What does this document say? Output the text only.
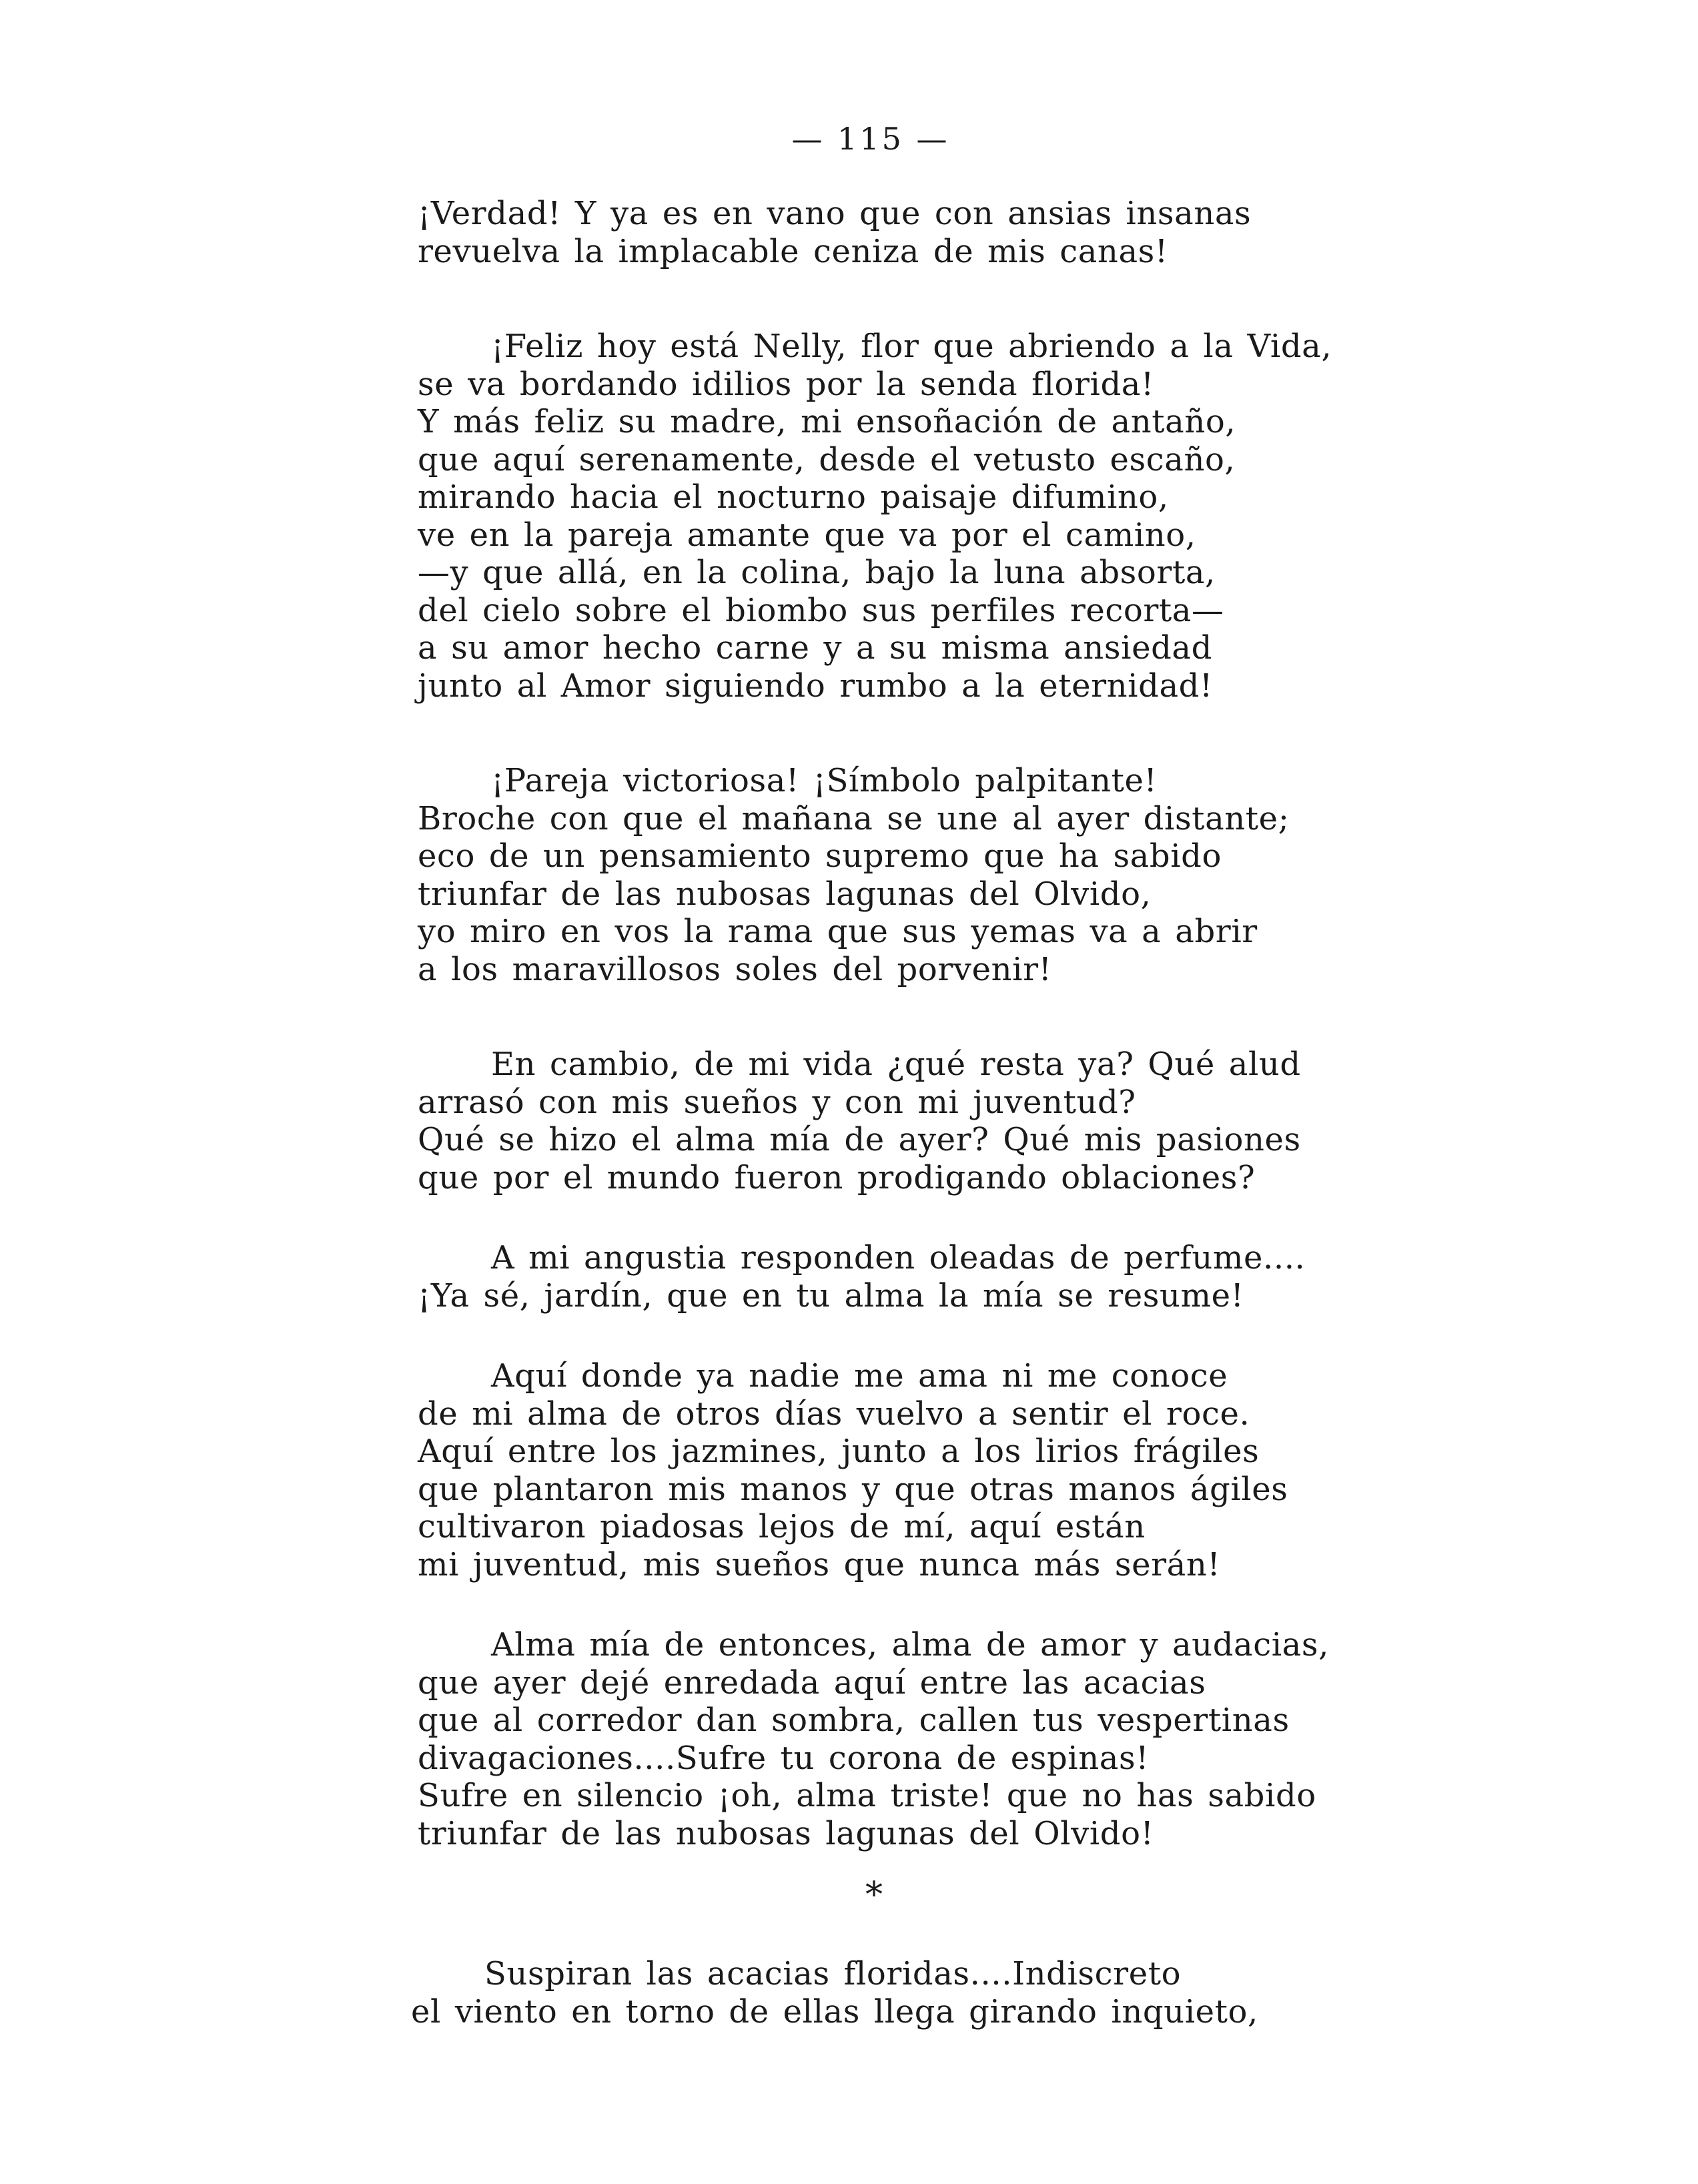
— 115 —
¡Verdad! Y ya es en vano que con ansias insanas
revuelva la implacable ceniza de mis canas!
¡Feliz hoy está Nelly, flor que abriendo a la Vida,
se va bordando idilios por la senda florida!
Y más feliz su madre, mi ensoñación de antaño,
que aquí serenamente, desde el vetusto escaño,
mirando hacia el nocturno paisaje difumino,
ve en la pareja amante que va por el camino,
—y que allá, en la colina, bajo la luna absorta,
del cielo sobre el biombo sus perfiles recorta—
a su amor hecho carne y a su misma ansiedad
junto al Amor siguiendo rumbo a la eternidad!
¡Pareja victoriosa! ¡Símbolo palpitante!
Broche con que el mañana se une al ayer distante;
eco de un pensamiento supremo que ha sabido
triunfar de las nubosas lagunas del Olvido,
yo miro en vos la rama que sus yemas va a abrir
a los maravillosos soles del porvenir!
En cambio, de mi vida ¿qué resta ya? Qué alud
arrasó con mis sueños y con mi juventud?
Qué se hizo el alma mía de ayer? Qué mis pasiones
que por el mundo fueron prodigando oblaciones?
A mi angustia responden oleadas de perfume....
¡Ya sé, jardín, que en tu alma la mía se resume!
Aquí donde ya nadie me ama ni me conoce
de mi alma de otros días vuelvo a sentir el roce.
Aquí entre los jazmines, junto a los lirios frágiles
que plantaron mis manos y que otras manos ágiles
cultivaron piadosas lejos de mí, aquí están
mi juventud, mis sueños que nunca más serán!
Alma mía de entonces, alma de amor y audacias,
que ayer dejé enredada aquí entre las acacias
que al corredor dan sombra, callen tus vespertinas
divagaciones....Sufre tu corona de espinas!
Sufre en silencio ¡oh, alma triste! que no has sabido
triunfar de las nubosas lagunas del Olvido!
*
Suspiran las acacias floridas....Indiscreto
el viento en torno de ellas llega girando inquieto,
